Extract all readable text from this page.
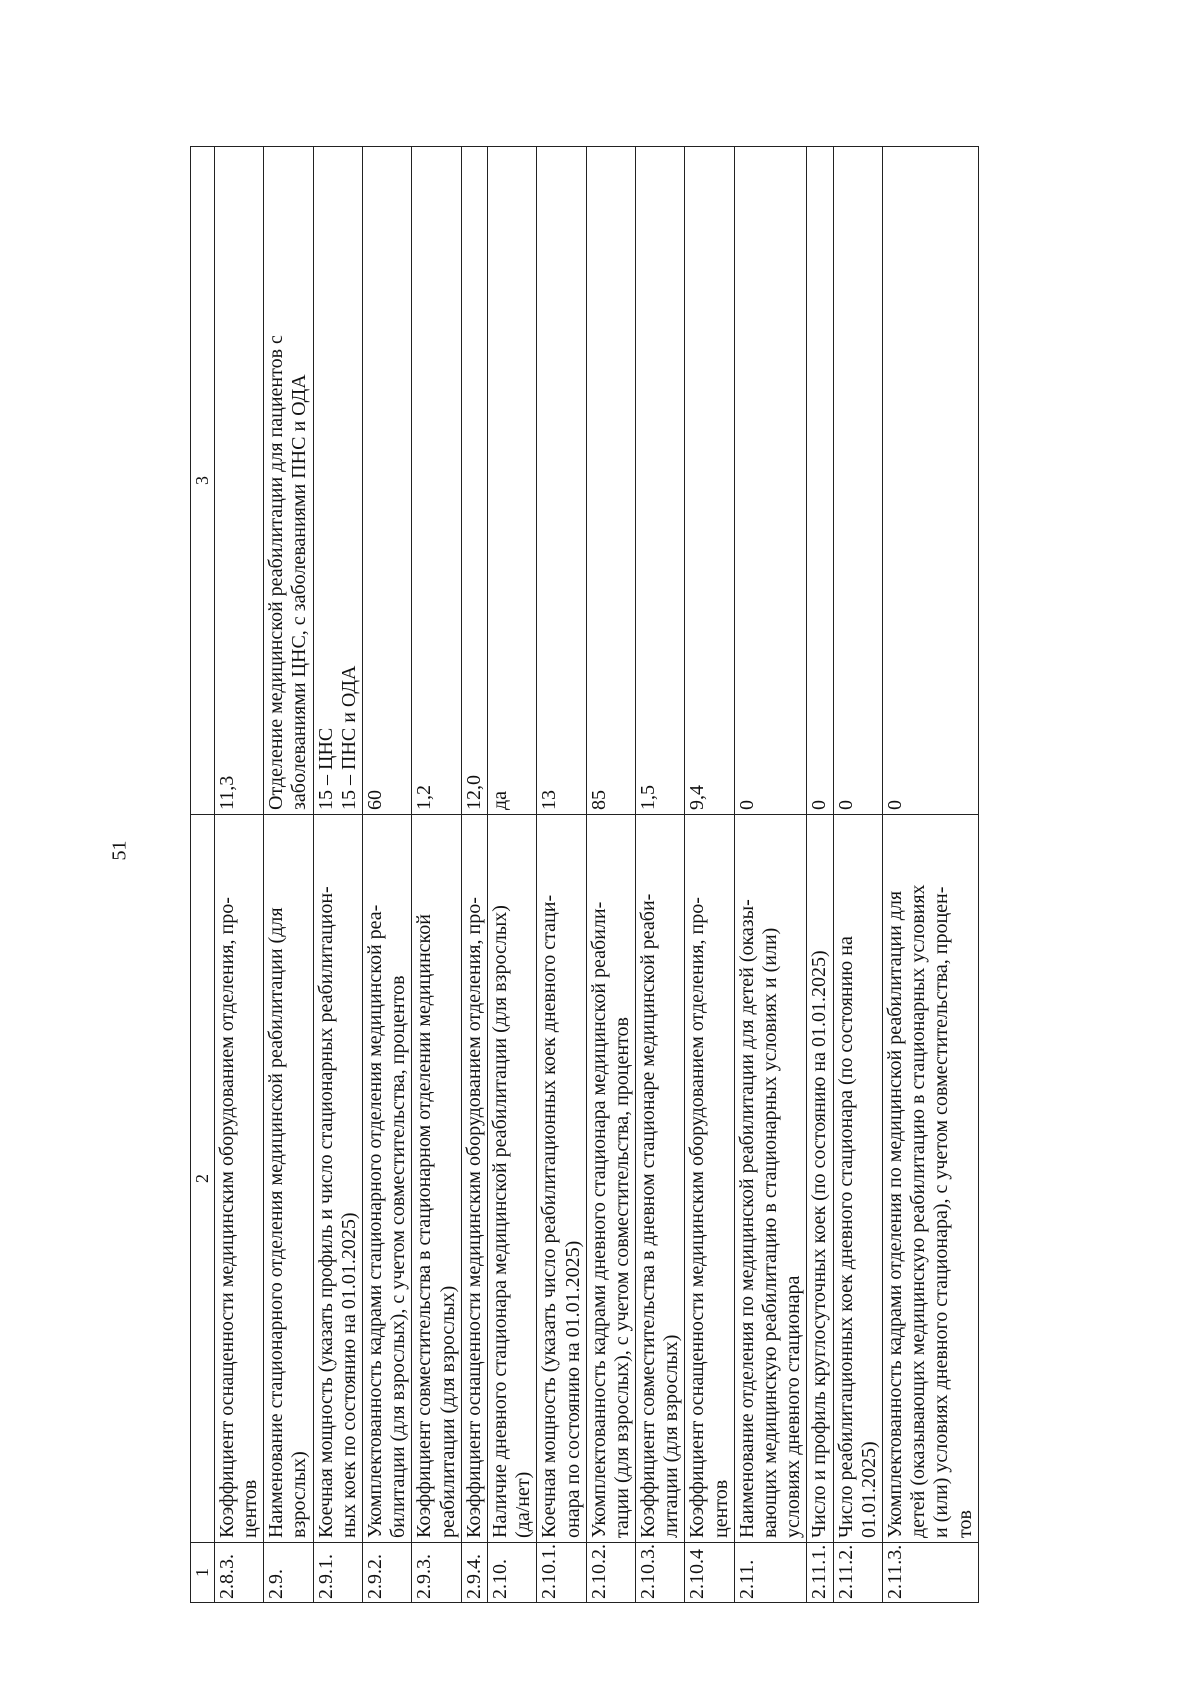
51
1	2	3
2.8.3.	Коэффициент оснащенности медицинским оборудованием отделения, про- центов	11,3

2.9.	Наименование стационарного отделения медицинской реабилитации (для взрослых)	Отделение медицинской реабилитации для пациентов с заболеваниями ЦНС, с заболеваниями ПНС и ОДА

2.9.1.	Коечная мощность (указать профиль и число стационарных реабилитацион- ных коек по состоянию на 01.01.2025)	15 – ЦНС 15 – ПНС и ОДА

2.9.2.	Укомплектованность кадрами стационарного отделения медицинской реа- билитации (для взрослых), с учетом совместительства, процентов	60

2.9.3.	Коэффициент совместительства в стационарном отделении медицинской реабилитации (для взрослых)	1,2

2.9.4.	Коэффициент оснащенности медицинским оборудованием отделения, про-	12,0

2.10.	Наличие дневного стационара медицинской реабилитации (для взрослых) (да/нет)	да

2.10.1.	Коечная мощность (указать число реабилитационных коек дневного стаци- онара по состоянию на 01.01.2025)	13

2.10.2.	Укомплектованность кадрами дневного стационара медицинской реабили- тации (для взрослых), с учетом совместительства, процентов	85

2.10.3.	Коэффициент совместительства в дневном стационаре медицинской реаби- литации (для взрослых)	1,5

2.10.4	Коэффициент оснащенности медицинским оборудованием отделения, про- центов	9,4

2.11.	Наименование отделения по медицинской реабилитации для детей (оказы- вающих медицинскую реабилитацию в стационарных условиях и (или) условиях дневного стационара	0

2.11.1.	Число и профиль круглосуточных коек (по состоянию на 01.01.2025)	0

2.11.2.	Число реабилитационных коек дневного стационара (по состоянию на 01.01.2025)	0

2.11.3.	Укомплектованность кадрами отделения по медицинской реабилитации для детей (оказывающих медицинскую реабилитацию в стационарных условиях и (или) условиях дневного стационара), с учетом совместительства, процен- тов	0
